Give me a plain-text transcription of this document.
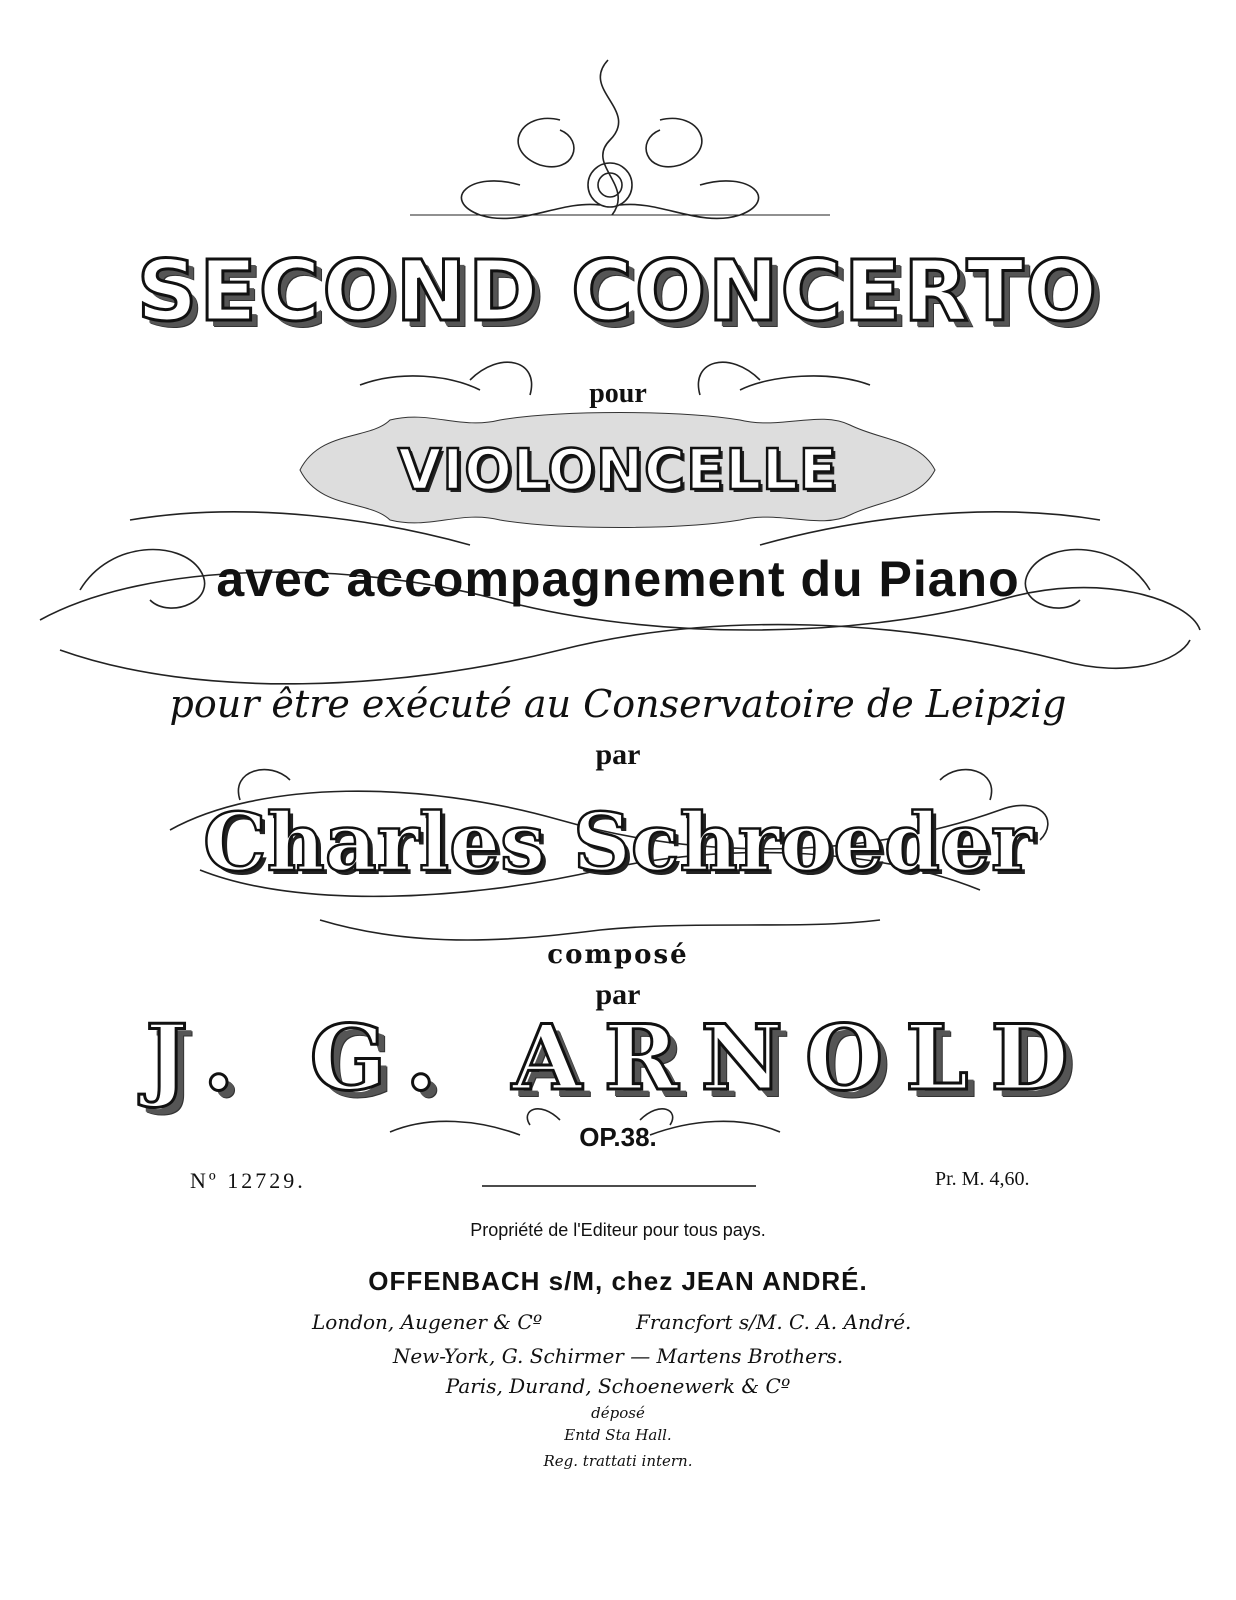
SECOND CONCERTO
pour
VIOLONCELLE
avec accompagnement du Piano
pour être exécuté au Conservatoire de Leipzig
par
Charles Schroeder
composé
par
J. G. ARNOLD
OP.38.
Nº 12729.	Pr. M. 4,60.
Propriété de l'Editeur pour tous pays.
OFFENBACH s/M, chez JEAN ANDRÉ.
London, Augener & Cº	Francfort s/M. C. A. André.
New-York, G. Schirmer — Martens Brothers.
Paris, Durand, Schoenewerk & Cº
déposé
Entd Sta Hall.
Reg. trattati intern.
